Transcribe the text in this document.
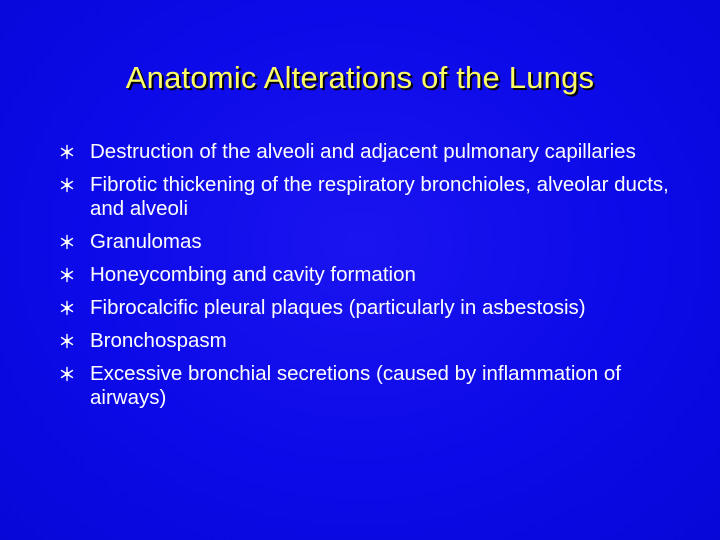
Anatomic Alterations of the Lungs
Destruction of the alveoli and adjacent pulmonary capillaries
Fibrotic thickening of the respiratory bronchioles, alveolar ducts, and alveoli
Granulomas
Honeycombing and cavity formation
Fibrocalcific pleural plaques (particularly in asbestosis)
Bronchospasm
Excessive bronchial secretions (caused by inflammation of airways)
